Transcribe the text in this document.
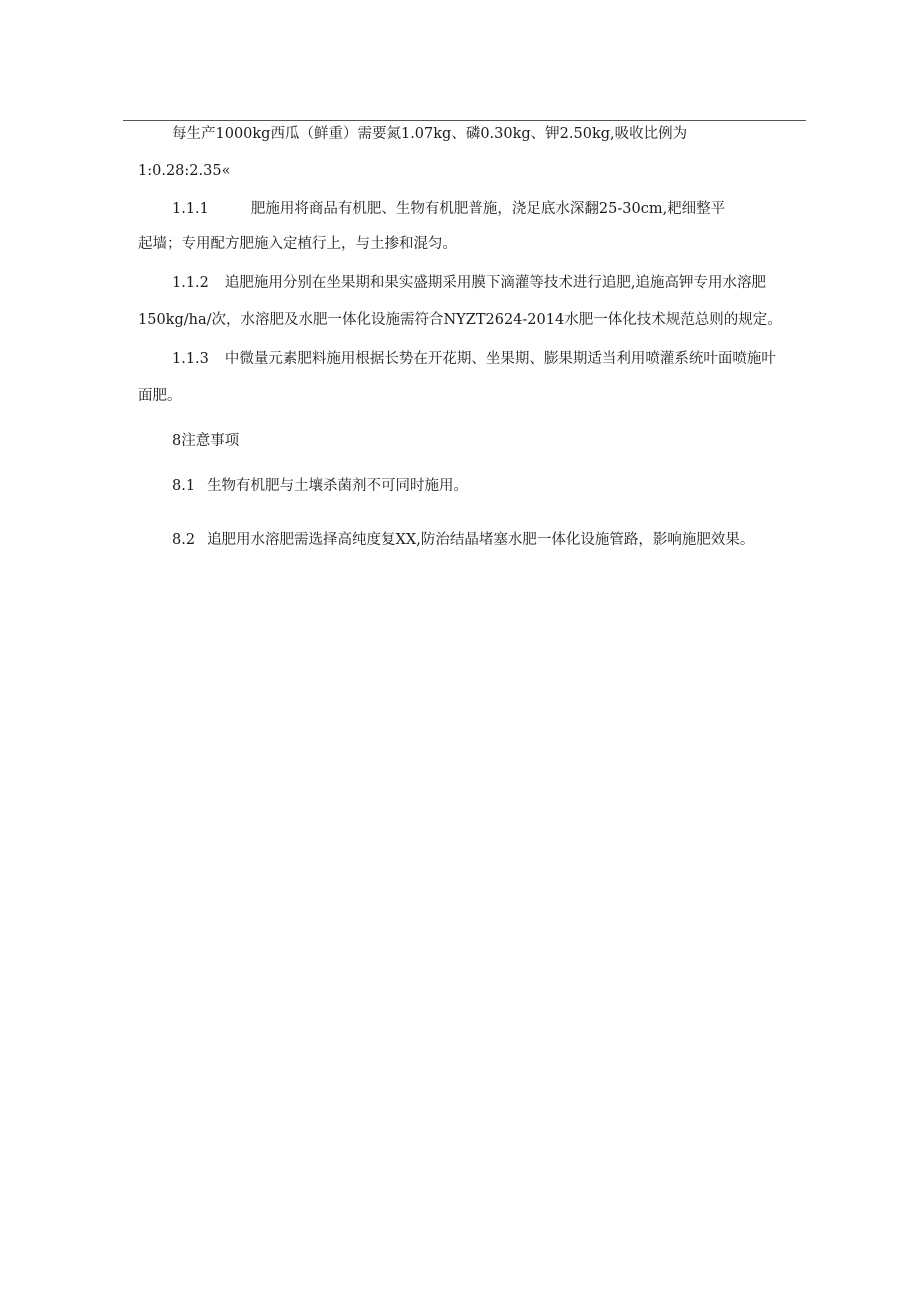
每生产1000kg西瓜（鲜重）需要氮1.07kg、磷0.30kg、钾2.50kg,吸收比例为
1:0.28:2.35«
1.1.1	肥施用将商品有机肥、生物有机肥普施，浇足底水深翻25-30cm,耙细整平
起墙；专用配方肥施入定植行上，与土掺和混匀。
1.1.2 追肥施用分别在坐果期和果实盛期采用膜下滴灌等技术进行追肥,追施高钾专用水溶肥
150kg∕ha∕次，水溶肥及水肥一体化设施需符合NYZT2624-2014水肥一体化技术规范总则的规定。
1.1.3 中微量元素肥料施用根据长势在开花期、坐果期、膨果期适当利用喷灌系统叶面喷施叶
面肥。
8注意事项
8.1 生物有机肥与土壤杀菌剂不可同时施用。
8.2 追肥用水溶肥需选择高纯度复XX,防治结晶堵塞水肥一体化设施管路，影响施肥效果。
